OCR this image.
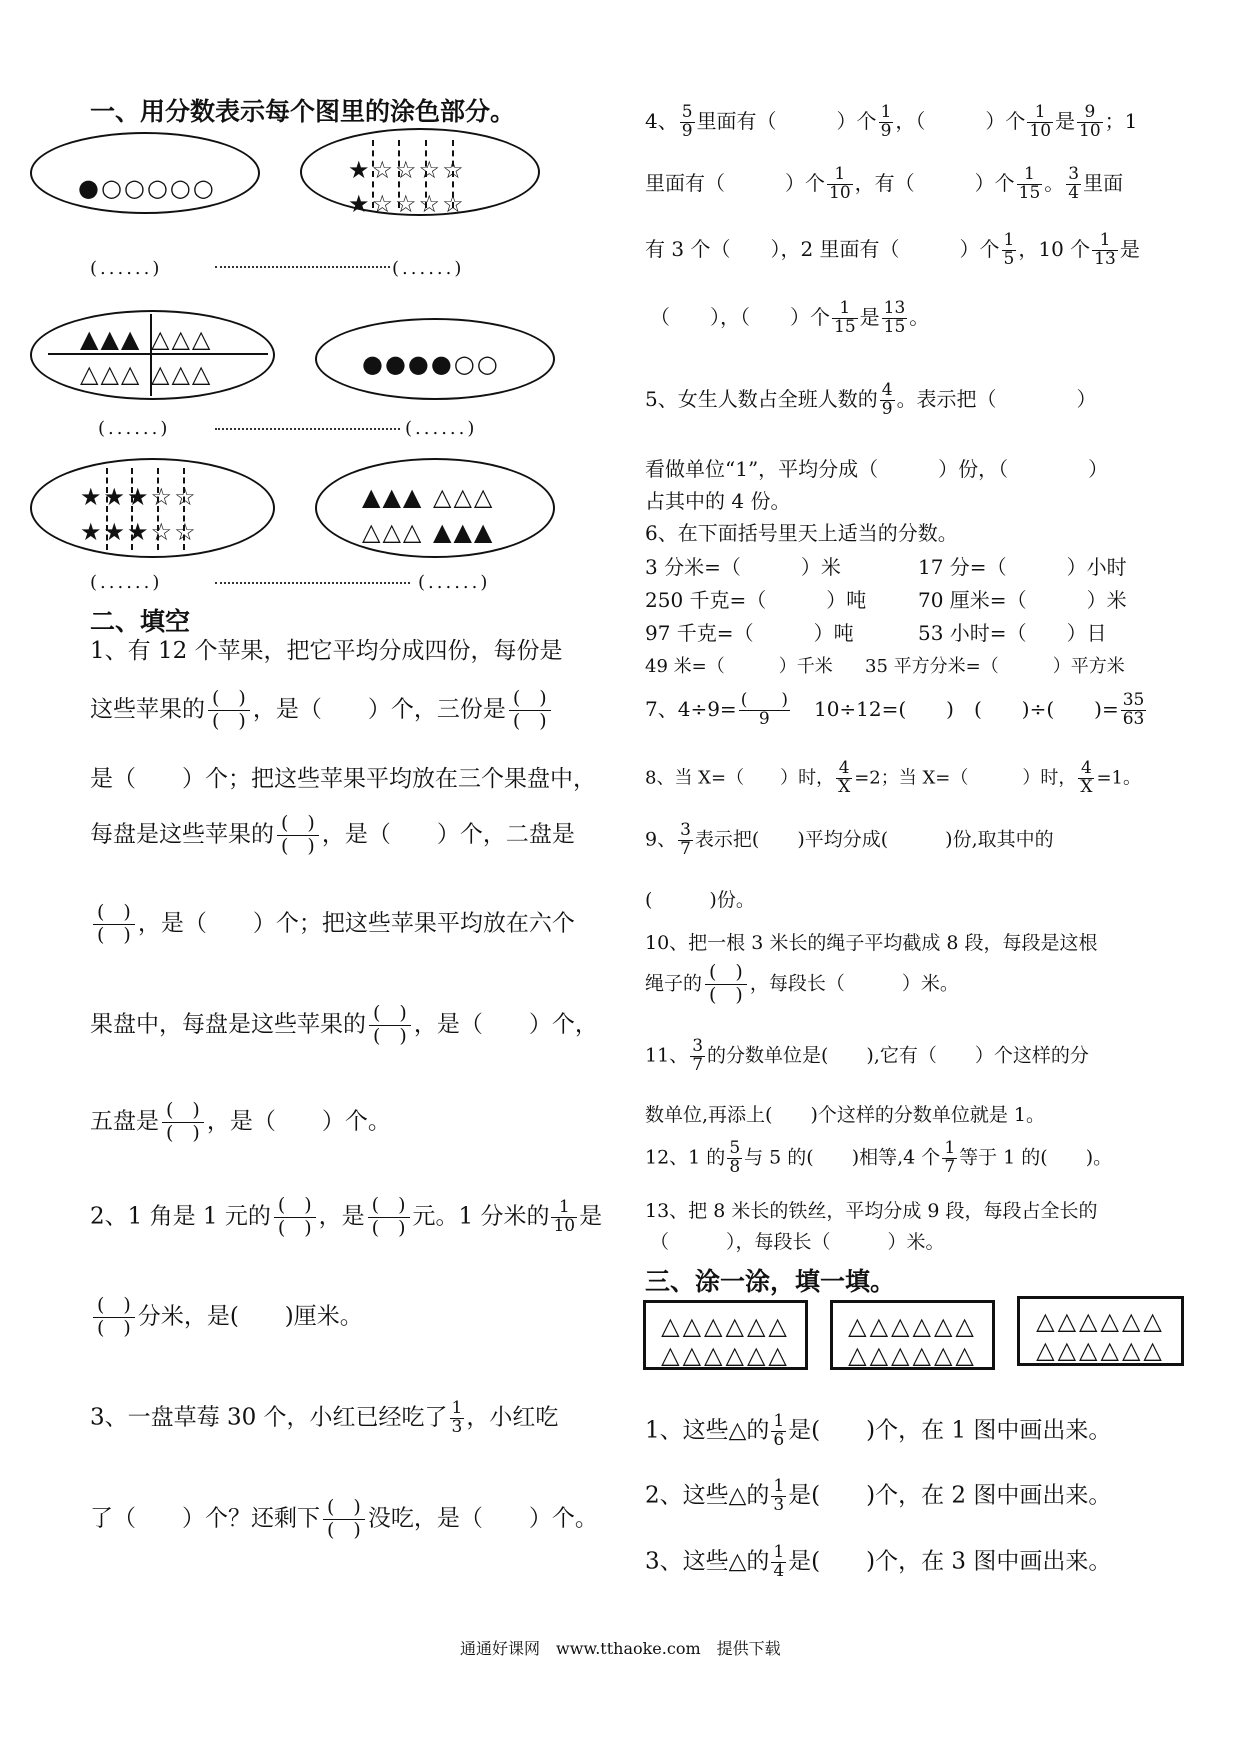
一、用分数表示每个图里的涂色部分。
●○○○○○
★☆☆☆☆
★☆☆☆☆
(......)	(......)
▲▲▲ △△△
△△△ △△△	●●●●○○
(......)	(......)
★★★☆☆
★★★☆☆
▲▲▲ △△△
△△△ ▲▲▲
(......)	(......)
二、填空
1、有 12 个苹果，把它平均分成四份，每份是
这些苹果的 (　)
(　) ，是（　　）个，三份是 (　)
(　)
是（　　）个；把这些苹果平均放在三个果盘中，
每盘是这些苹果的 (　)
(　) ，是（　　）个，二盘是
(　)
(　) ，是（　　）个；把这些苹果平均放在六个
果盘中，每盘是这些苹果的 (　)
(　) ，是（　　）个，
五盘是 (　)
(　) ，是（　　）个。
2、1 角是 1 元的 (　)
(　) ，是 (　)
(　) 元。1 分米的 $\frac{1}{10}$ 是
(　)
(　) 分米，是(　　)厘米。
3、一盘草莓 30 个，小红已经吃了 $\frac{1}{3}$ ，小红吃
了（　　）个？还剩下 (　)
(　) 没吃，是（　　）个。
4、 $\frac{5}{9}$ 里面有（　　　）个 $\frac{1}{9}$ ，（　　　）个 $\frac{1}{10}$ 是 $\frac{9}{10}$ ；1
里面有（　　　）个 $\frac{1}{10}$ ，有（　　　）个 $\frac{1}{15}$ 。 $\frac{3}{4}$ 里面
有 3 个（　　），2 里面有（　　　）个 $\frac{1}{5}$ ，10 个 $\frac{1}{13}$ 是
（　　），（　　）个 $\frac{1}{15}$ 是 $\frac{13}{15}$ 。
5、女生人数占全班人数的 $\frac{4}{9}$ 。表示把（　　　　）
看做单位“1”，平均分成（　　　）份，（　　　　）
占其中的 4 份。
6、在下面括号里天上适当的分数。
3 分米=（　　　）米	17 分=（　　　）小时
250 千克=（　　　）吨	70 厘米=（　　　）米
97 千克=（　　　）吨	53 小时=（　　）日
49 米=（　　　）千米 35 平方分米=（　　　）平方米
7、$4\div 9= \frac{( )}{9} 10\div 12=$(　　)　(　　)÷(　　)= $\frac{35}{63}$
8、当 X=（　　）时， $\frac{4}{X} =2$；当 X=（　　　）时， $\frac{4}{X} =1$。
9、 $\frac{3}{7}$ 表示把(　　)平均分成(　　　)份,取其中的
(　　　)份。
10、把一根 3 米长的绳子平均截成 8 段，每段是这根
绳子的
(　)
(　)
，每段长（　　　）米。
11、 $\frac{3}{7}$ 的分数单位是(　　),它有（　　）个这样的分
数单位,再添上(　　)个这样的分数单位就是 1。
12、1 的 $\frac{5}{8}$ 与 5 的(　　)相等,4 个 $\frac{1}{7}$ 等于 1 的(　　)。
13、把 8 米长的铁丝，平均分成 9 段，每段占全长的
（　　　），每段长（　　　）米。
三、涂一涂，填一填。
△△△△△△
△△△△△△
△△△△△△
△△△△△△
△△△△△△
△△△△△△
1、这些△的 $\frac{1}{6}$ 是(　　)个，在 1 图中画出来。
2、这些△的 $\frac{1}{3}$ 是(　　)个，在 2 图中画出来。
3、这些△的 $\frac{1}{4}$ 是(　　)个，在 3 图中画出来。
通通好课网　www.tthaoke.com　提供下载
